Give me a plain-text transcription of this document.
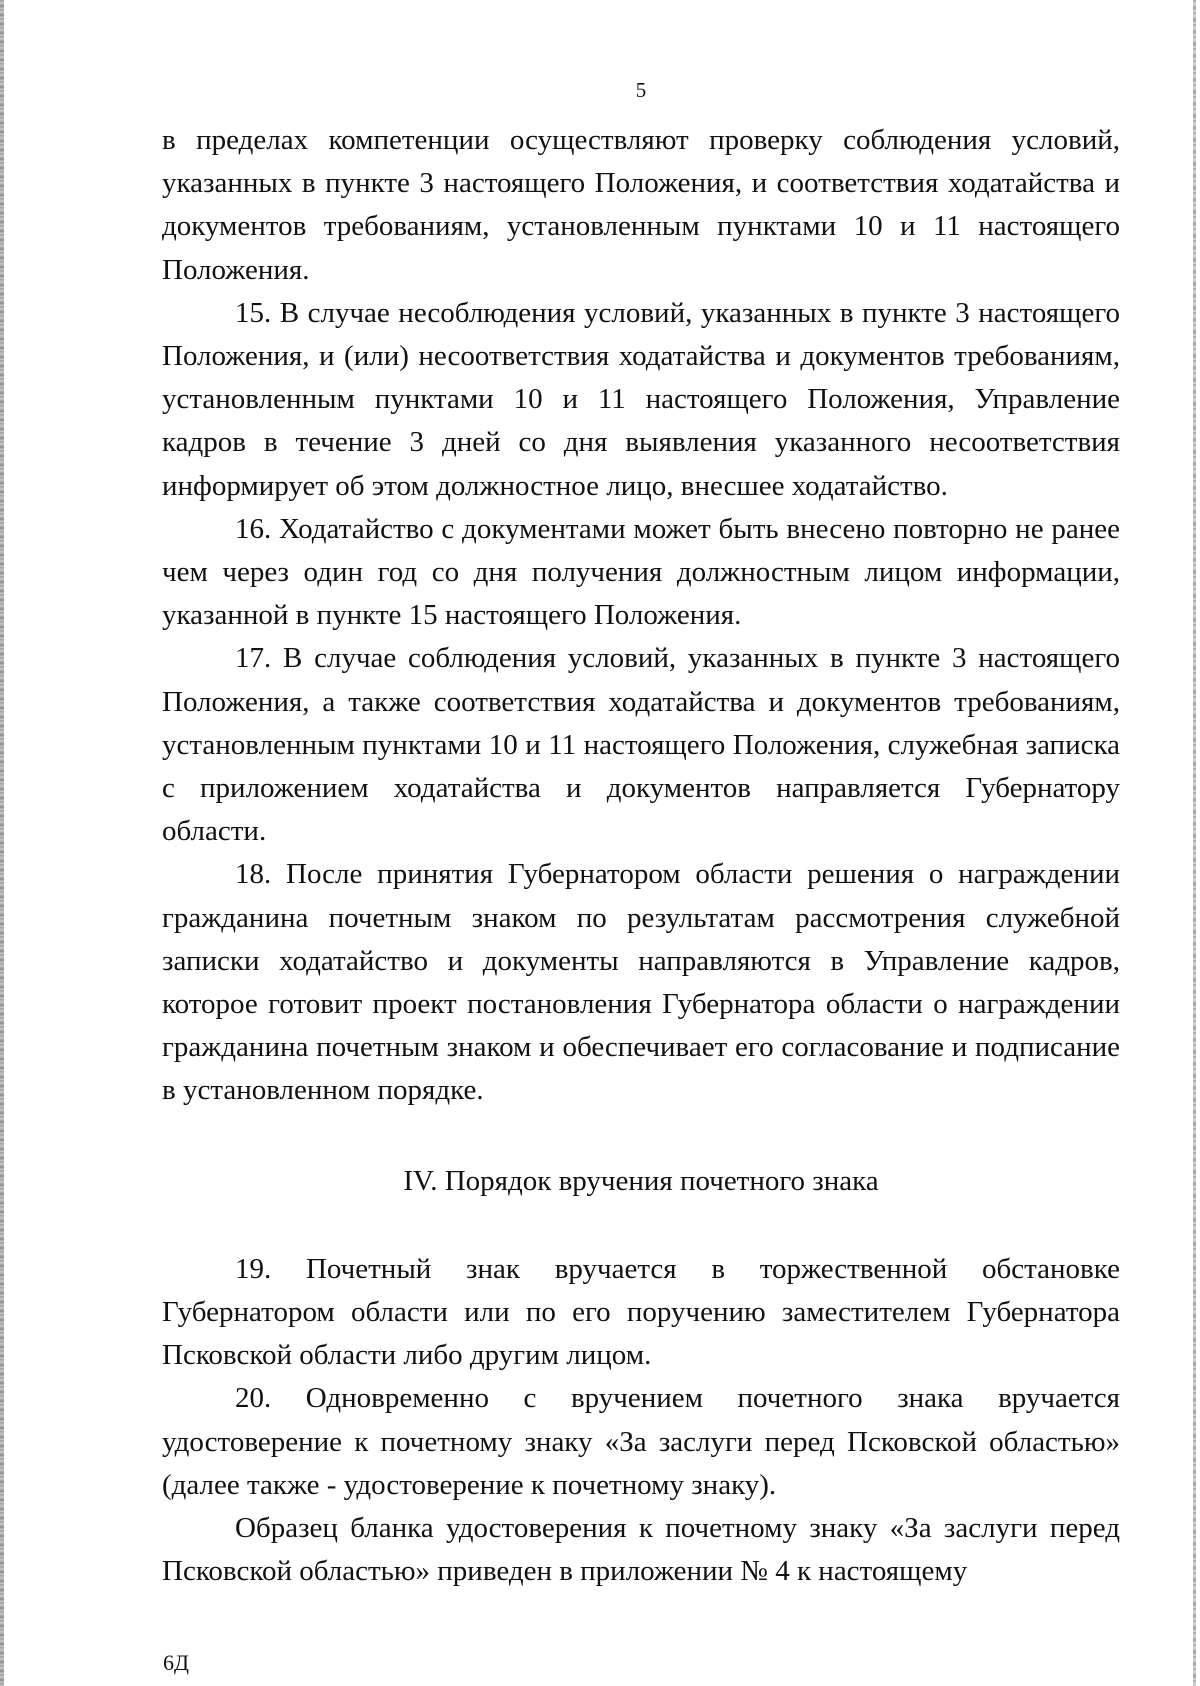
5

в пределах компетенции осуществляют проверку соблюдения условий, указанных в пункте 3 настоящего Положения, и соответствия ходатайства и документов требованиям, установленным пунктами 10 и 11 настоящего Положения.

15. В случае несоблюдения условий, указанных в пункте 3 настоящего Положения, и (или) несоответствия ходатайства и документов требованиям, установленным пунктами 10 и 11 настоящего Положения, Управление кадров в течение 3 дней со дня выявления указанного несоответствия информирует об этом должностное лицо, внесшее ходатайство.

16. Ходатайство с документами может быть внесено повторно не ранее чем через один год со дня получения должностным лицом информации, указанной в пункте 15 настоящего Положения.

17. В случае соблюдения условий, указанных в пункте 3 настоящего Положения, а также соответствия ходатайства и документов требованиям, установленным пунктами 10 и 11 настоящего Положения, служебная записка с приложением ходатайства и документов направляется Губернатору области.

18. После принятия Губернатором области решения о награждении гражданина почетным знаком по результатам рассмотрения служебной записки ходатайство и документы направляются в Управление кадров, которое готовит проект постановления Губернатора области о награждении гражданина почетным знаком и обеспечивает его согласование и подписание в установленном порядке.

IV. Порядок вручения почетного знака

19. Почетный знак вручается в торжественной обстановке Губернатором области или по его поручению заместителем Губернатора Псковской области либо другим лицом.

20. Одновременно с вручением почетного знака вручается удостоверение к почетному знаку «За заслуги перед Псковской областью» (далее также - удостоверение к почетному знаку).

Образец бланка удостоверения к почетному знаку «За заслуги перед Псковской областью» приведен в приложении № 4 к настоящему

6Д
